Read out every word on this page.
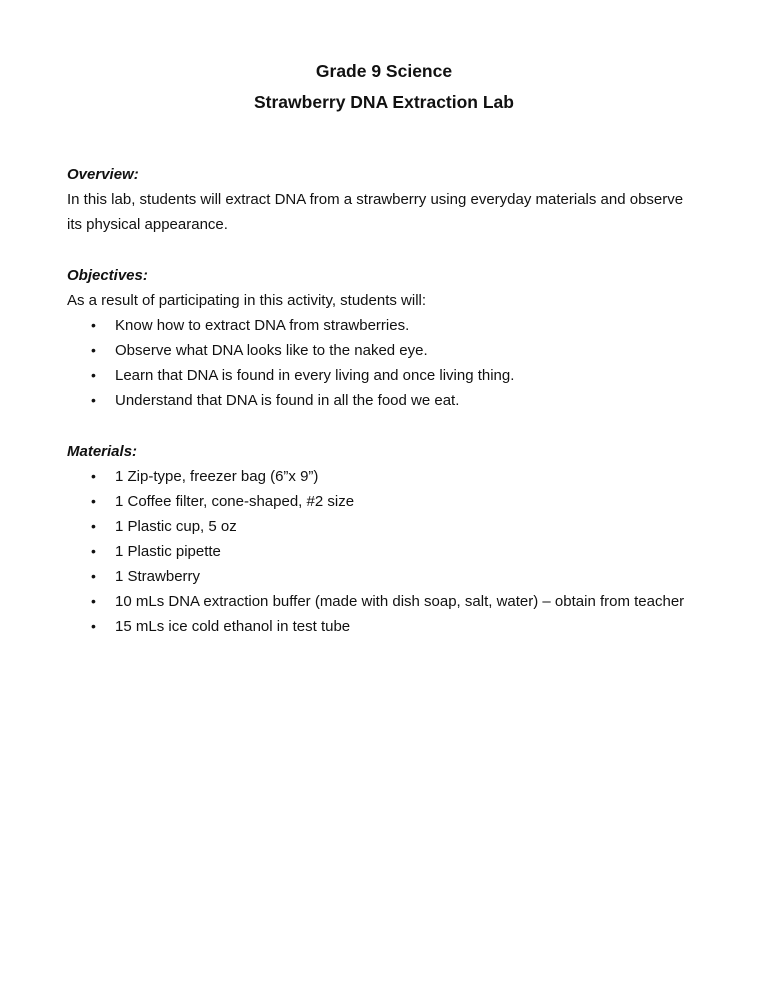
Grade 9 Science
Strawberry DNA Extraction Lab
Overview:
In this lab, students will extract DNA from a strawberry using everyday materials and observe its physical appearance.
Objectives:
As a result of participating in this activity, students will:
•	Know how to extract DNA from strawberries.
•	Observe what DNA looks like to the naked eye.
•	Learn that DNA is found in every living and once living thing.
•	Understand that DNA is found in all the food we eat.
Materials:
•	1 Zip-type, freezer bag (6”x 9”)
•	1 Coffee filter, cone-shaped, #2 size
•	1 Plastic cup, 5 oz
•	1 Plastic pipette
•	1 Strawberry
•	10 mLs DNA extraction buffer (made with dish soap, salt, water) – obtain from teacher
•	15 mLs ice cold ethanol in test tube
